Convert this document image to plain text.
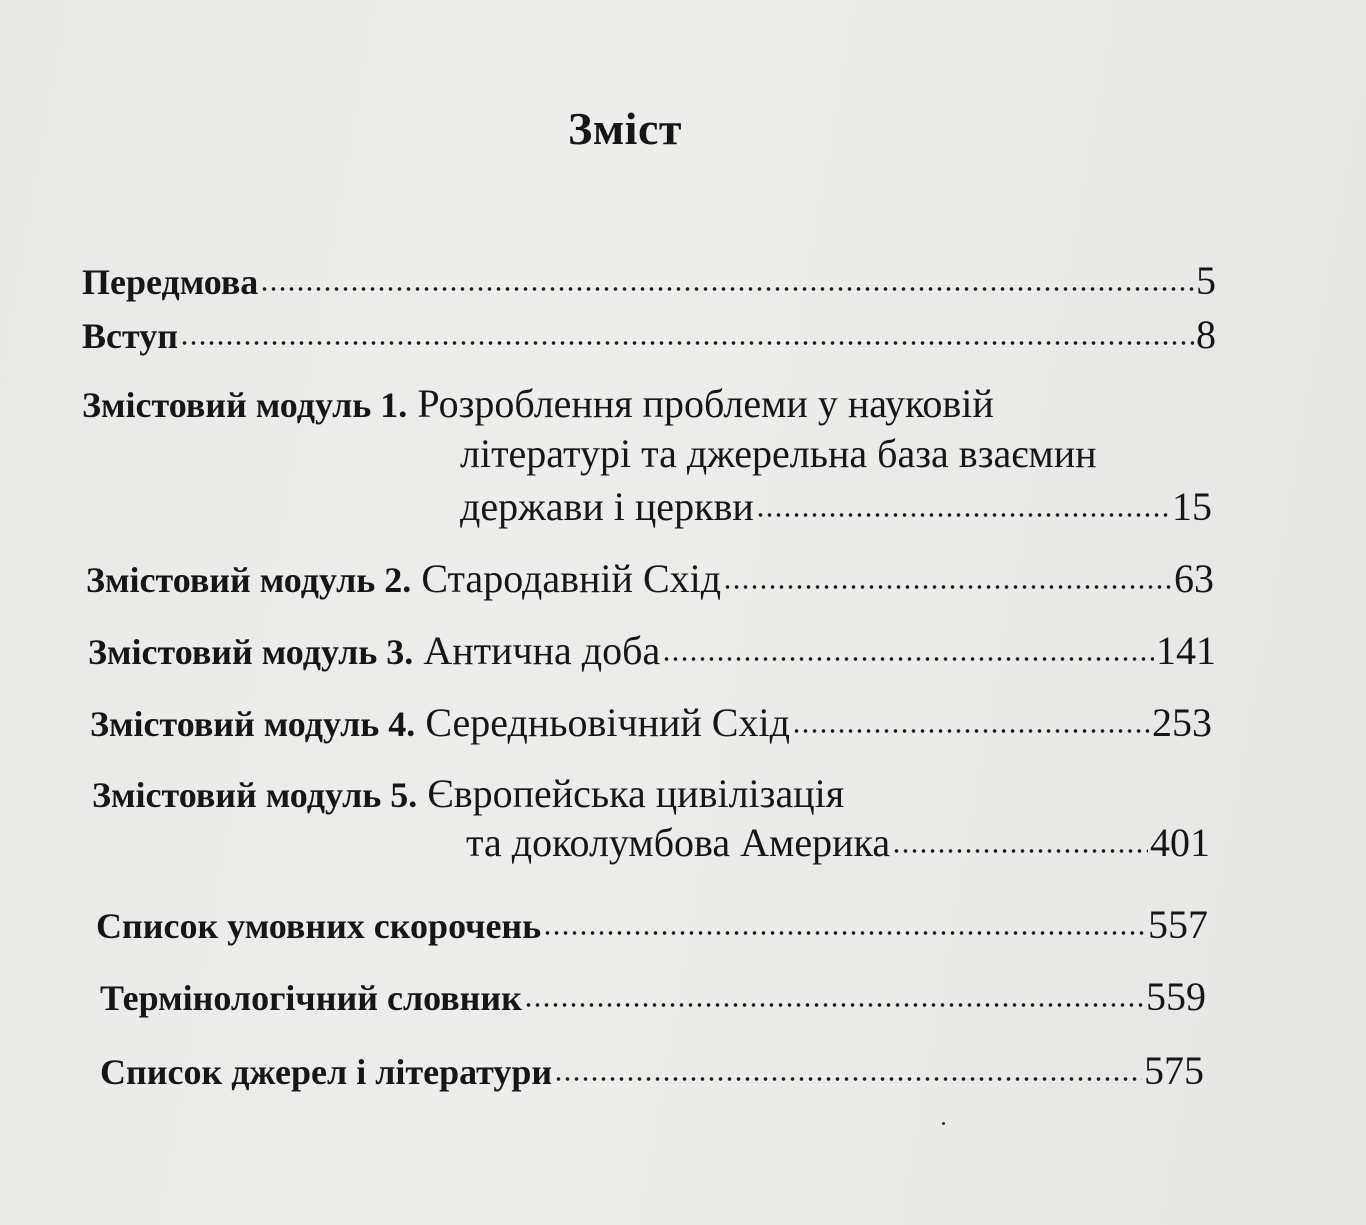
Зміст
Передмова	5
Вступ	8
Змістовий модуль 1. Розроблення проблеми у науковій
літературі та джерельна база взаємин
держави і церкви	15
Змістовий модуль 2. Стародавній Схід	63
Змістовий модуль 3. Антична доба	141
Змістовий модуль 4. Середньовічний Схід	253
Змістовий модуль 5. Європейська цивілізація
та доколумбова Америка	401
Список умовних скорочень	557
Термінологічний словник	559
Список джерел і літератури	575
